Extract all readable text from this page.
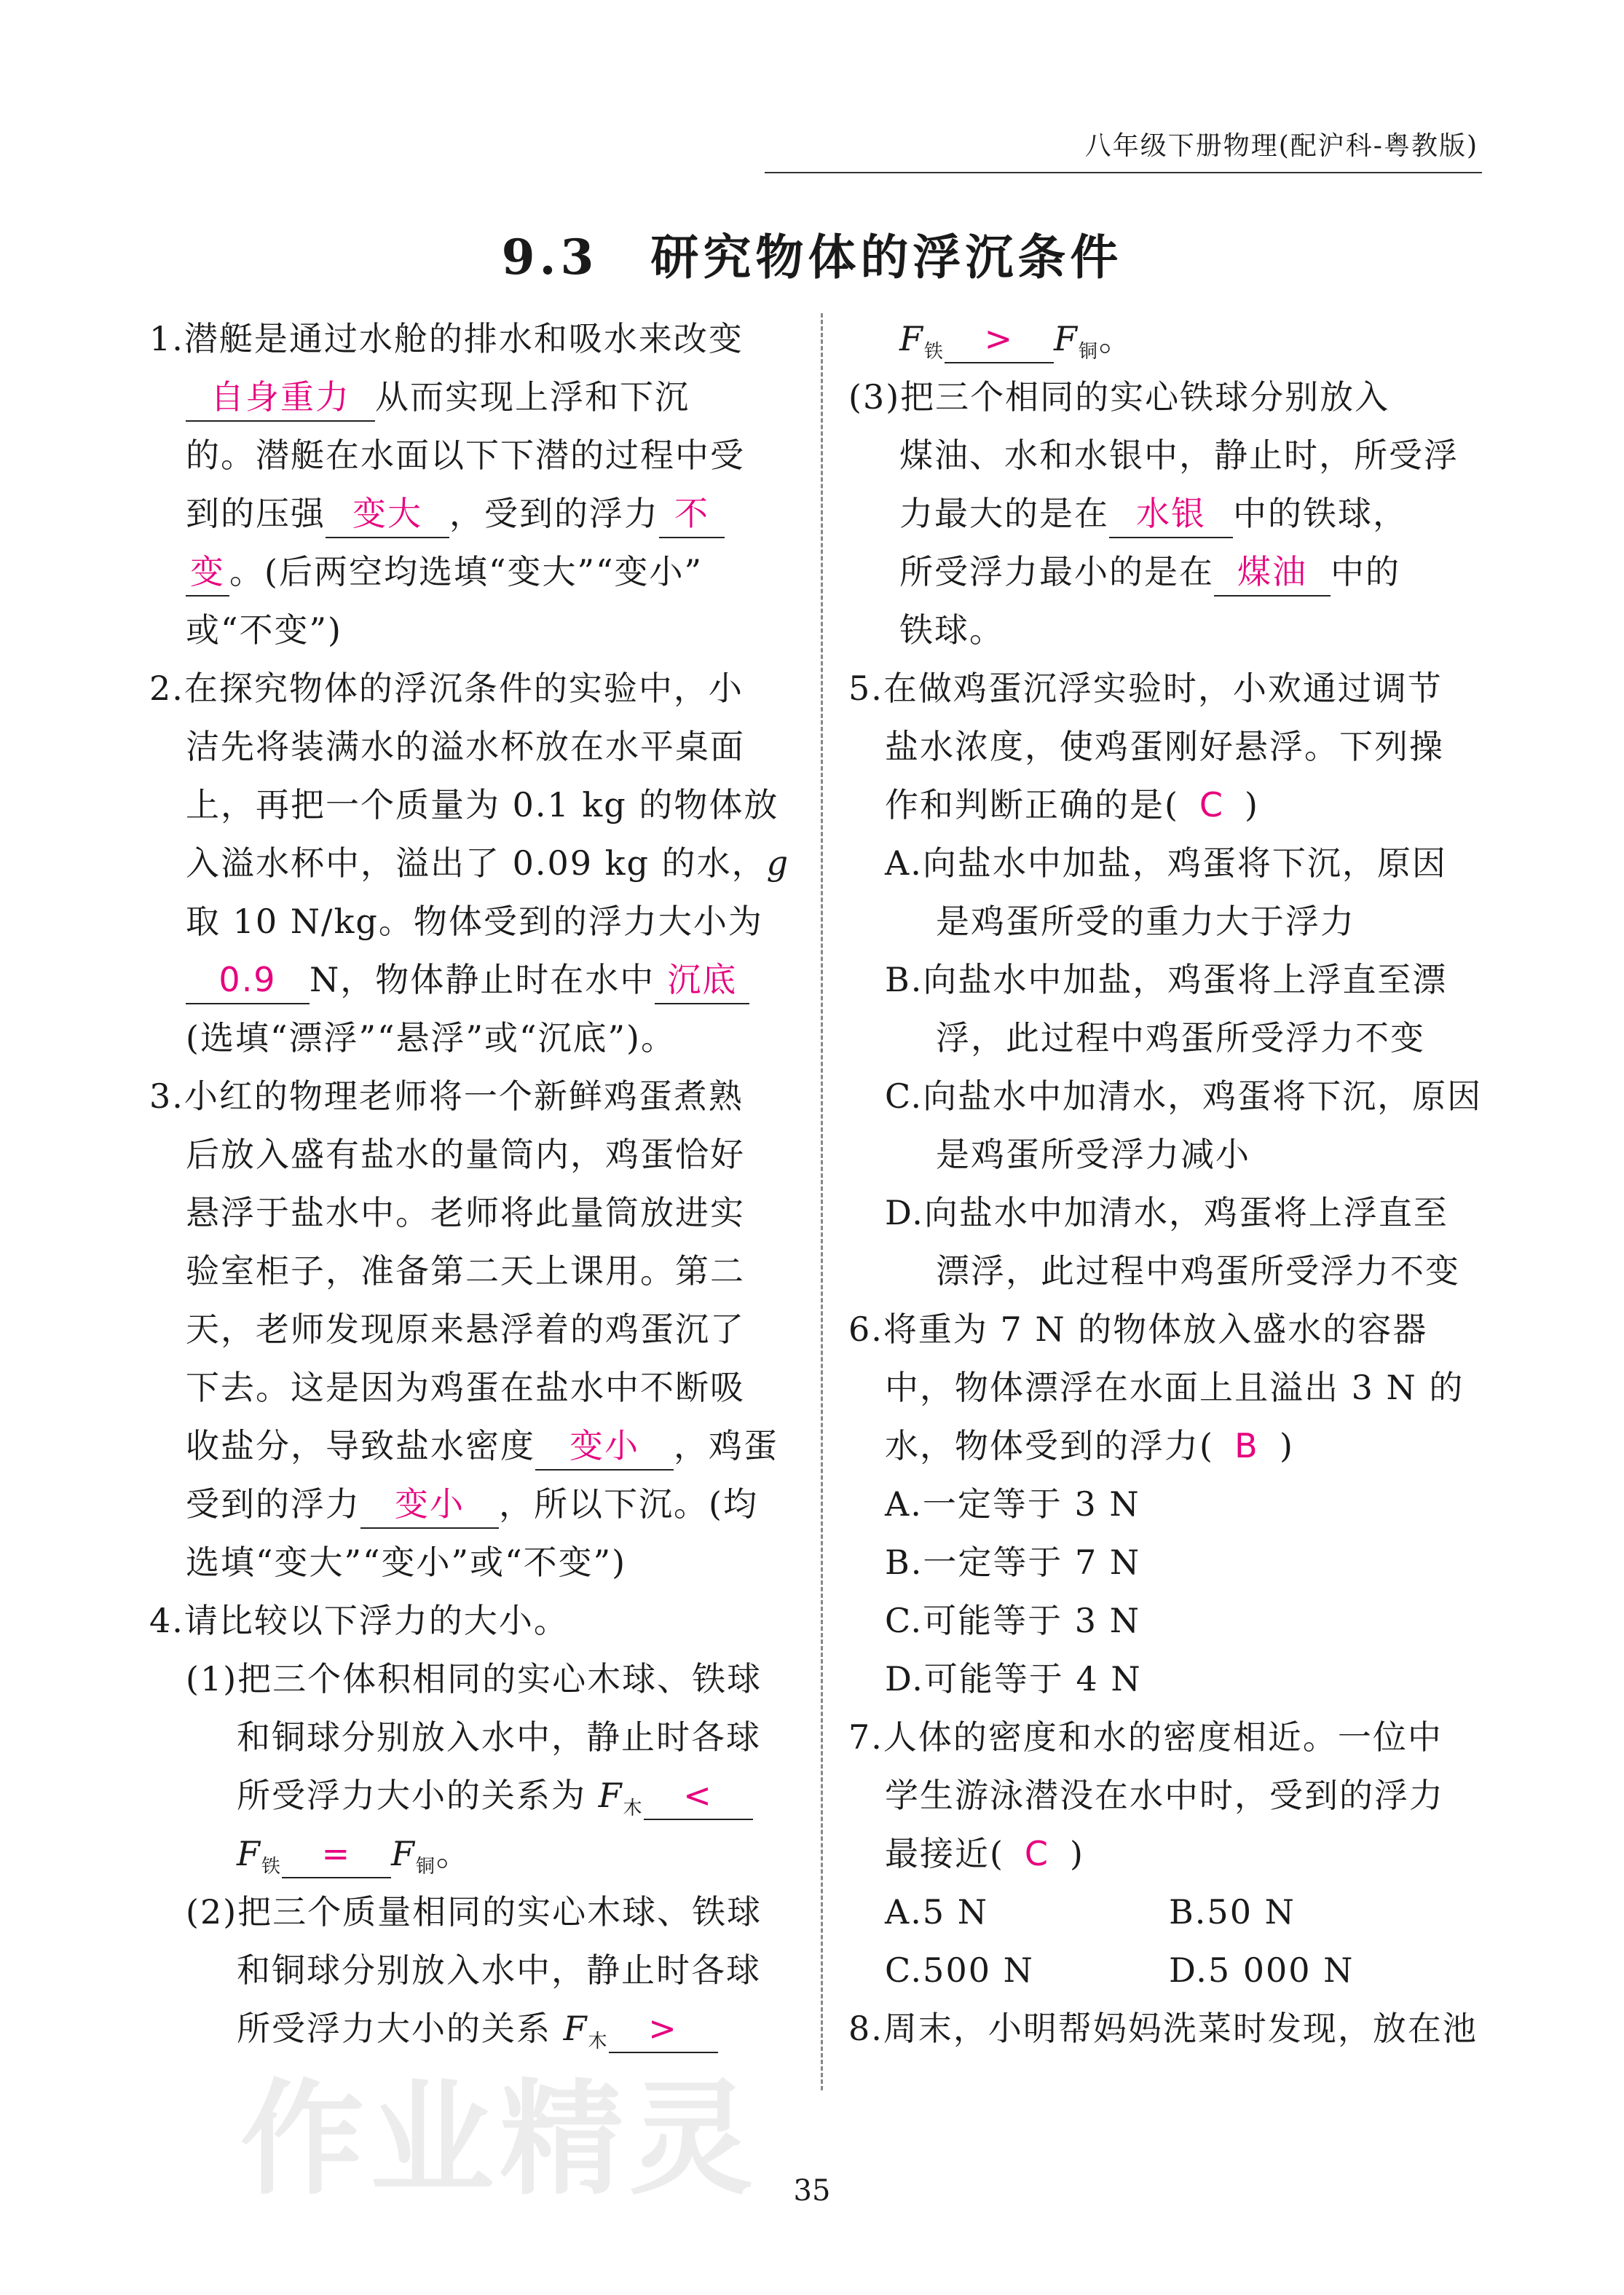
八年级下册物理(配沪科-粤教版)
9.3　研究物体的浮沉条件
1.潜艇是通过水舱的排水和吸水来改变
自身重力 从而实现上浮和下沉
的。潜艇在水面以下下潜的过程中受
到的压强 变大 ，受到的浮力 不
变 。(后两空均选填“变大”“变小”
或“不变”)
2.在探究物体的浮沉条件的实验中，小
洁先将装满水的溢水杯放在水平桌面
上，再把一个质量为 0.1 kg 的物体放
入溢水杯中，溢出了 0.09 kg 的水，g
取 10 N/kg。物体受到的浮力大小为
0.9 N，物体静止时在水中 沉底
(选填“漂浮”“悬浮”或“沉底”)。
3.小红的物理老师将一个新鲜鸡蛋煮熟
后放入盛有盐水的量筒内，鸡蛋恰好
悬浮于盐水中。老师将此量筒放进实
验室柜子，准备第二天上课用。第二
天，老师发现原来悬浮着的鸡蛋沉了
下去。这是因为鸡蛋在盐水中不断吸
收盐分，导致盐水密度 变小 ，鸡蛋
受到的浮力 变小 ，所以下沉。(均
选填“变大”“变小”或“不变”)
4.请比较以下浮力的大小。
(1)把三个体积相同的实心木球、铁球
和铜球分别放入水中，静止时各球
所受浮力大小的关系为 $F_木$ <
$F_铁 = F_铜$。
(2)把三个质量相同的实心木球、铁球
和铜球分别放入水中，静止时各球
所受浮力大小的关系 $F_木$ >
$F_铁 > F_铜$。
(3)把三个相同的实心铁球分别放入
煤油、水和水银中，静止时，所受浮
力最大的是在 水银 中的铁球，
所受浮力最小的是在 煤油 中的
铁球。
5.在做鸡蛋沉浮实验时，小欢通过调节
盐水浓度，使鸡蛋刚好悬浮。下列操
作和判断正确的是( C )
A.向盐水中加盐，鸡蛋将下沉，原因
是鸡蛋所受的重力大于浮力
B.向盐水中加盐，鸡蛋将上浮直至漂
浮，此过程中鸡蛋所受浮力不变
C.向盐水中加清水，鸡蛋将下沉，原因
是鸡蛋所受浮力减小
D.向盐水中加清水，鸡蛋将上浮直至
漂浮，此过程中鸡蛋所受浮力不变
6.将重为 7 N 的物体放入盛水的容器
中，物体漂浮在水面上且溢出 3 N 的
水，物体受到的浮力( B )
A.一定等于 3 N
B.一定等于 7 N
C.可能等于 3 N
D.可能等于 4 N
7.人体的密度和水的密度相近。一位中
学生游泳潜没在水中时，受到的浮力
最接近( C )
A.5 N	B.50 N
C.500 N	D.5 000 N
8.周末，小明帮妈妈洗菜时发现，放在池
作业精灵	35
